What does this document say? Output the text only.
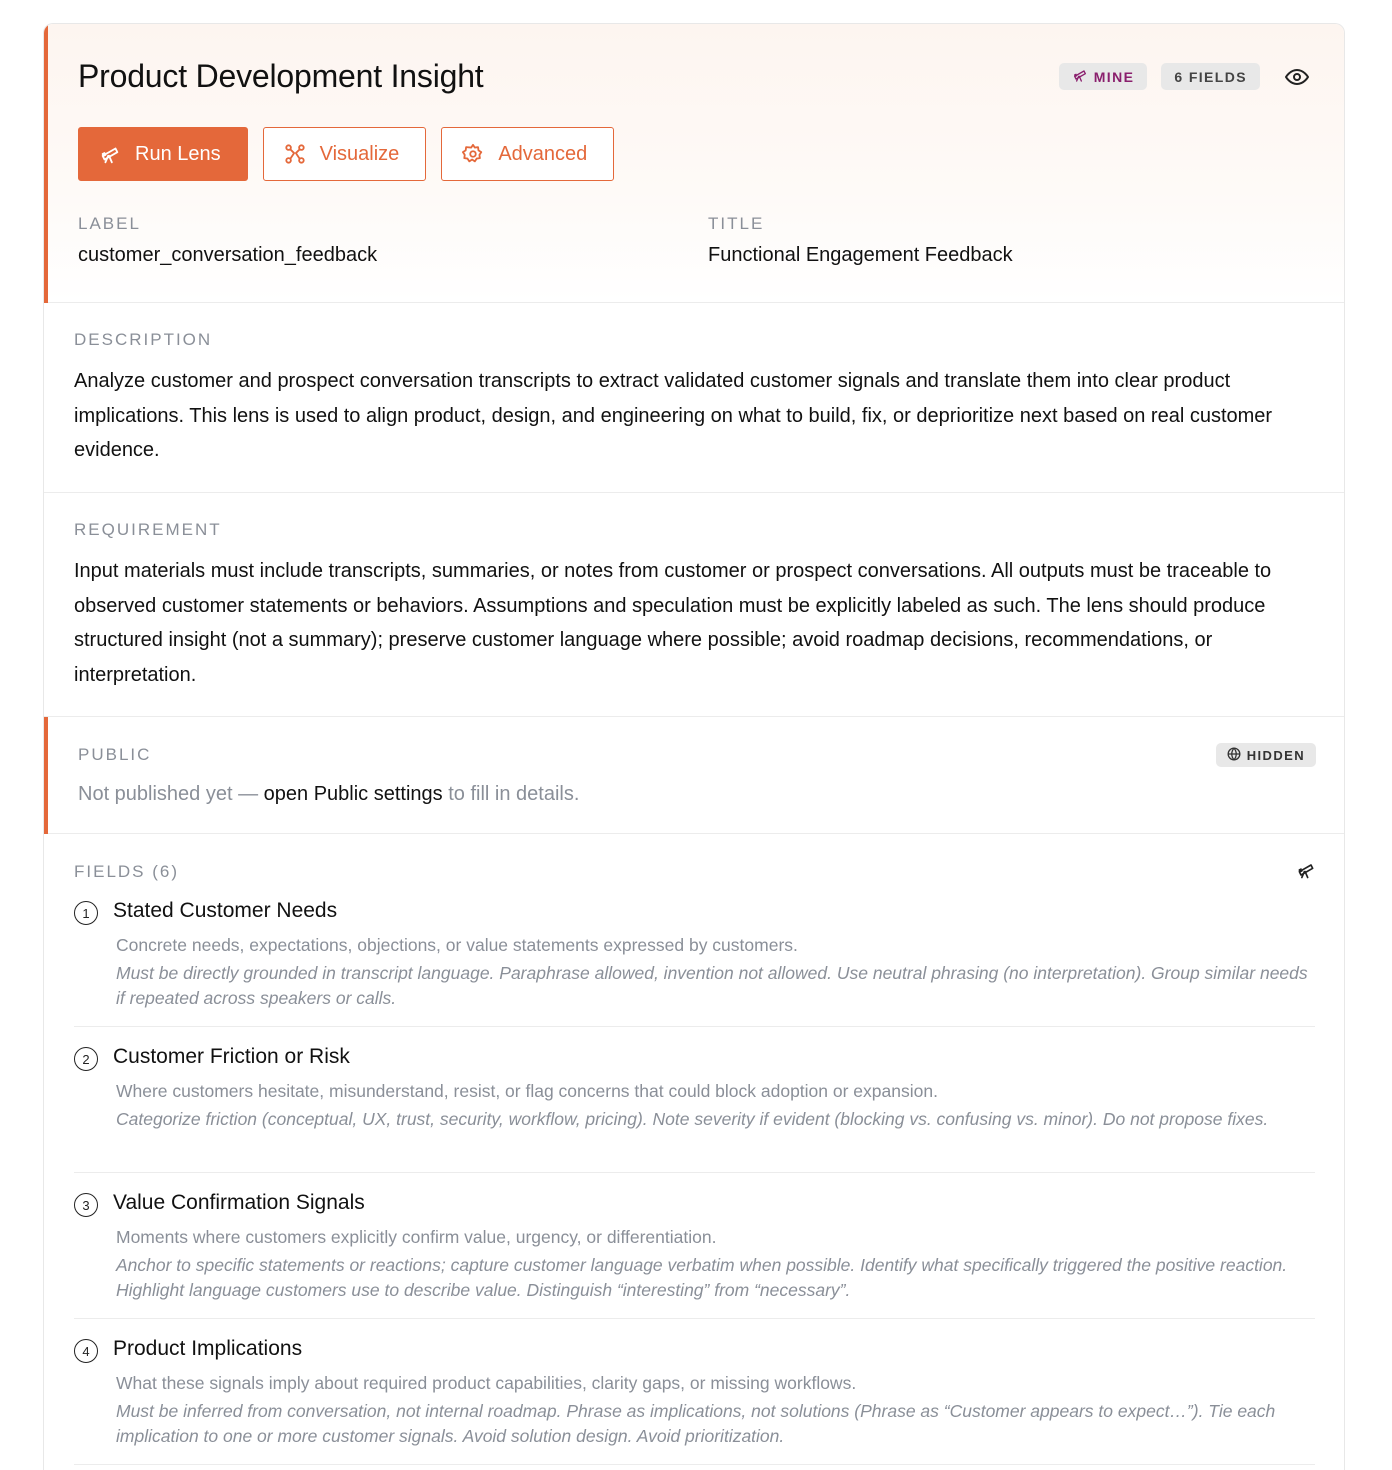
Product Development Insight	MINE	6 FIELDS
Run Lens	Visualize	Advanced
LABEL
customer_conversation_feedback
TITLE
Functional Engagement Feedback
DESCRIPTION
Analyze customer and prospect conversation transcripts to extract validated customer signals and translate them into clear product implications. This lens is used to align product, design, and engineering on what to build, fix, or deprioritize next based on real customer evidence.
REQUIREMENT
Input materials must include transcripts, summaries, or notes from customer or prospect conversations. All outputs must be traceable to observed customer statements or behaviors. Assumptions and speculation must be explicitly labeled as such. The lens should produce structured insight (not a summary); preserve customer language where possible; avoid roadmap decisions, recommendations, or interpretation.
PUBLIC	HIDDEN
Not published yet — open Public settings to fill in details.
FIELDS (6)
1	Stated Customer Needs
Concrete needs, expectations, objections, or value statements expressed by customers.
Must be directly grounded in transcript language. Paraphrase allowed, invention not allowed. Use neutral phrasing (no interpretation). Group similar needs if repeated across speakers or calls.
2	Customer Friction or Risk
Where customers hesitate, misunderstand, resist, or flag concerns that could block adoption or expansion.
Categorize friction (conceptual, UX, trust, security, workflow, pricing). Note severity if evident (blocking vs. confusing vs. minor). Do not propose fixes.
3	Value Confirmation Signals
Moments where customers explicitly confirm value, urgency, or differentiation.
Anchor to specific statements or reactions; capture customer language verbatim when possible. Identify what specifically triggered the positive reaction. Highlight language customers use to describe value. Distinguish “interesting” from “necessary”.
4	Product Implications
What these signals imply about required product capabilities, clarity gaps, or missing workflows.
Must be inferred from conversation, not internal roadmap. Phrase as implications, not solutions (Phrase as “Customer appears to expect…”). Tie each implication to one or more customer signals. Avoid solution design. Avoid prioritization.
